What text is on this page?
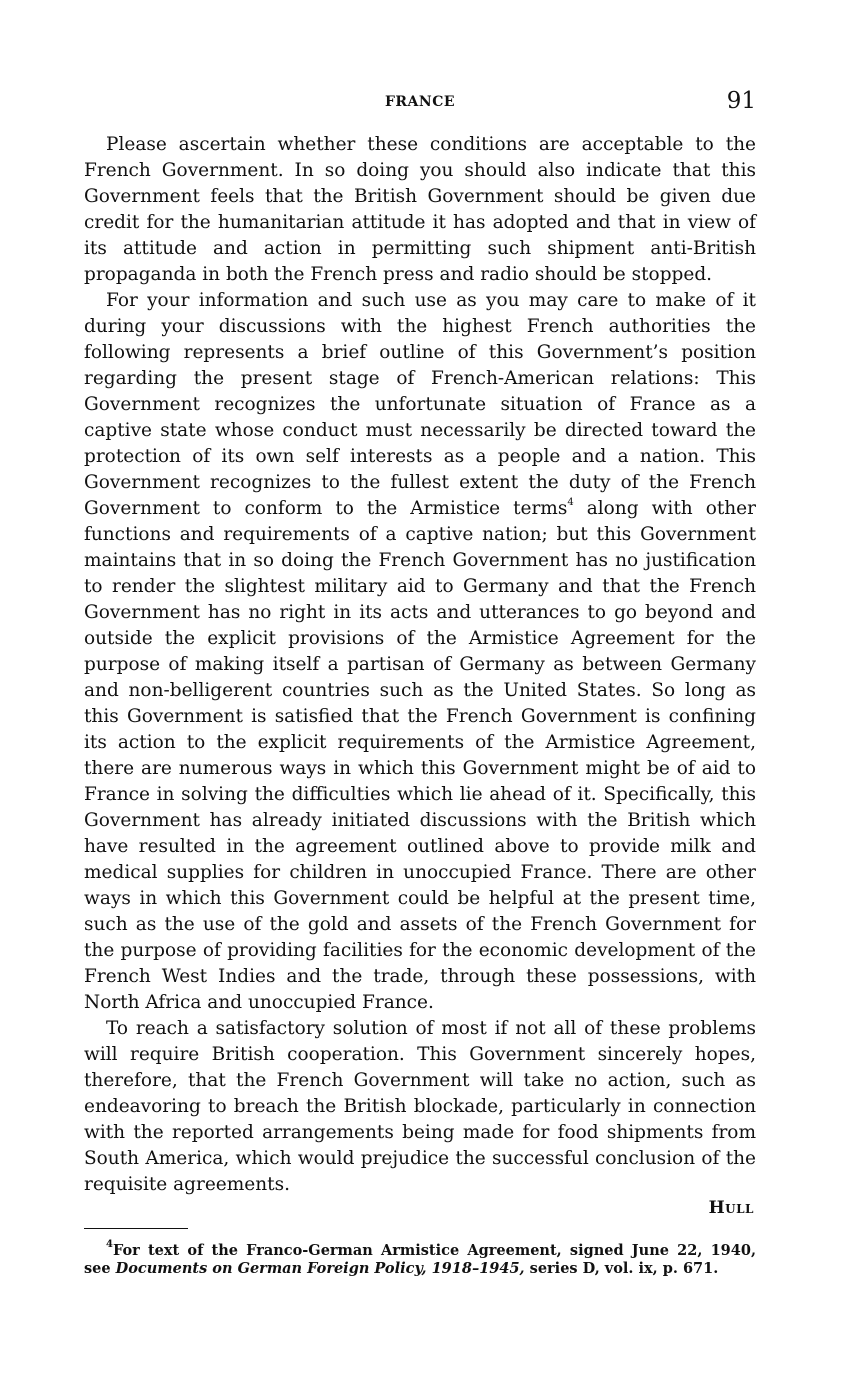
FRANCE	91

Please ascertain whether these conditions are acceptable to the French Government. In so doing you should also indicate that this Government feels that the British Government should be given due credit for the humanitarian attitude it has adopted and that in view of its attitude and action in permitting such shipment anti-British propaganda in both the French press and radio should be stopped.

For your information and such use as you may care to make of it during your discussions with the highest French authorities the following represents a brief outline of this Government’s position regarding the present stage of French-American relations: This Government recognizes the unfortunate situation of France as a captive state whose conduct must necessarily be directed toward the protection of its own self interests as a people and a nation. This Government recognizes to the fullest extent the duty of the French Government to conform to the Armistice terms$^4$ along with other functions and requirements of a captive nation; but this Government maintains that in so doing the French Government has no justification to render the slightest military aid to Germany and that the French Government has no right in its acts and utterances to go beyond and outside the explicit provisions of the Armistice Agreement for the purpose of making itself a partisan of Germany as between Germany and non-belligerent countries such as the United States. So long as this Government is satisfied that the French Government is confining its action to the explicit requirements of the Armistice Agreement, there are numerous ways in which this Government might be of aid to France in solving the difficulties which lie ahead of it. Specifically, this Government has already initiated discussions with the British which have resulted in the agreement outlined above to provide milk and medical supplies for children in unoccupied France. There are other ways in which this Government could be helpful at the present time, such as the use of the gold and assets of the French Government for the purpose of providing facilities for the economic development of the French West Indies and the trade, through these possessions, with North Africa and unoccupied France.

To reach a satisfactory solution of most if not all of these problems will require British cooperation. This Government sincerely hopes, therefore, that the French Government will take no action, such as endeavoring to breach the British blockade, particularly in connection with the reported arrangements being made for food shipments from South America, which would prejudice the successful conclusion of the requisite agreements.

Hull
$^4$For text of the Franco-German Armistice Agreement, signed June 22, 1940, see Documents on German Foreign Policy, 1918–1945, series D, vol. ix, p. 671.
